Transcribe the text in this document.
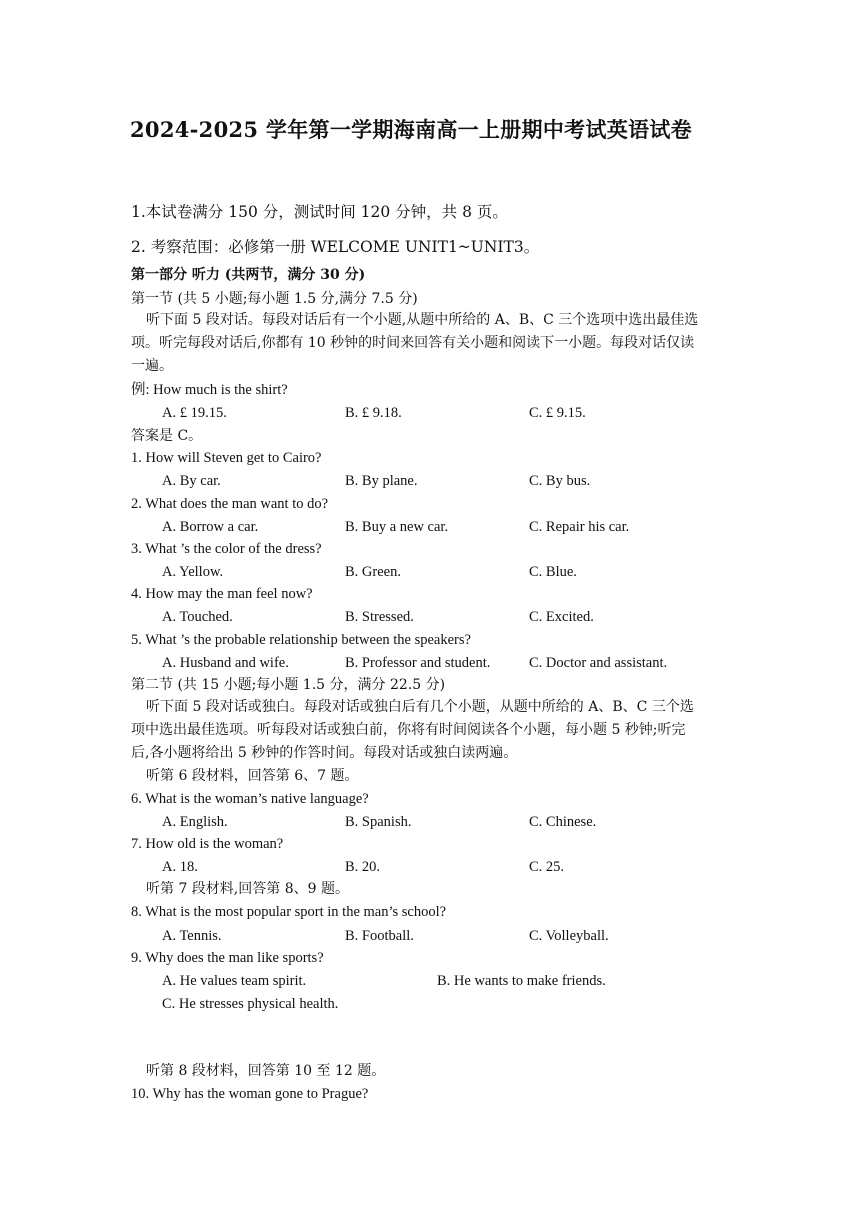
2024-2025 学年第一学期海南高一上册期中考试英语试卷
1.本试卷满分 150 分，测试时间 120 分钟，共 8 页。
2. 考察范围：必修第一册 WELCOME UNIT1~UNIT3。
第一部分 听力 (共两节，满分 30 分)
第一节 (共 5 小题;每小题 1.5 分,满分 7.5 分)
听下面 5 段对话。每段对话后有一个小题,从题中所给的 A、B、C 三个选项中选出最佳选
项。听完每段对话后,你都有 10 秒钟的时间来回答有关小题和阅读下一小题。每段对话仅读
一遍。
例: How much is the shirt?
A. £ 19.15.	B. £ 9.18.	C. £ 9.15.
答案是 C。
1. How will Steven get to Cairo?
A. By car.	B. By plane.	C. By bus.
2. What does the man want to do?
A. Borrow a car.	B. Buy a new car.	C. Repair his car.
3. What ’s the color of the dress?
A. Yellow.	B. Green.	C. Blue.
4. How may the man feel now?
A. Touched.	B. Stressed.	C. Excited.
5. What ’s the probable relationship between the speakers?
A. Husband and wife.	B. Professor and student.	C. Doctor and assistant.
第二节 (共 15 小题;每小题 1.5 分，满分 22.5 分)
听下面 5 段对话或独白。每段对话或独白后有几个小题，从题中所给的 A、B、C 三个选
项中选出最佳选项。听每段对话或独白前，你将有时间阅读各个小题，每小题 5 秒钟;听完
后,各小题将给出 5 秒钟的作答时间。每段对话或独白读两遍。
听第 6 段材料，回答第 6、7 题。
6. What is the woman’s native language?
A. English.	B. Spanish.	C. Chinese.
7. How old is the woman?
A. 18.	B. 20.	C. 25.
听第 7 段材料,回答第 8、9 题。
8. What is the most popular sport in the man’s school?
A. Tennis.	B. Football.	C. Volleyball.
9. Why does the man like sports?
A. He values team spirit.	B. He wants to make friends.
C. He stresses physical health.
听第 8 段材料，回答第 10 至 12 题。
10. Why has the woman gone to Prague?
